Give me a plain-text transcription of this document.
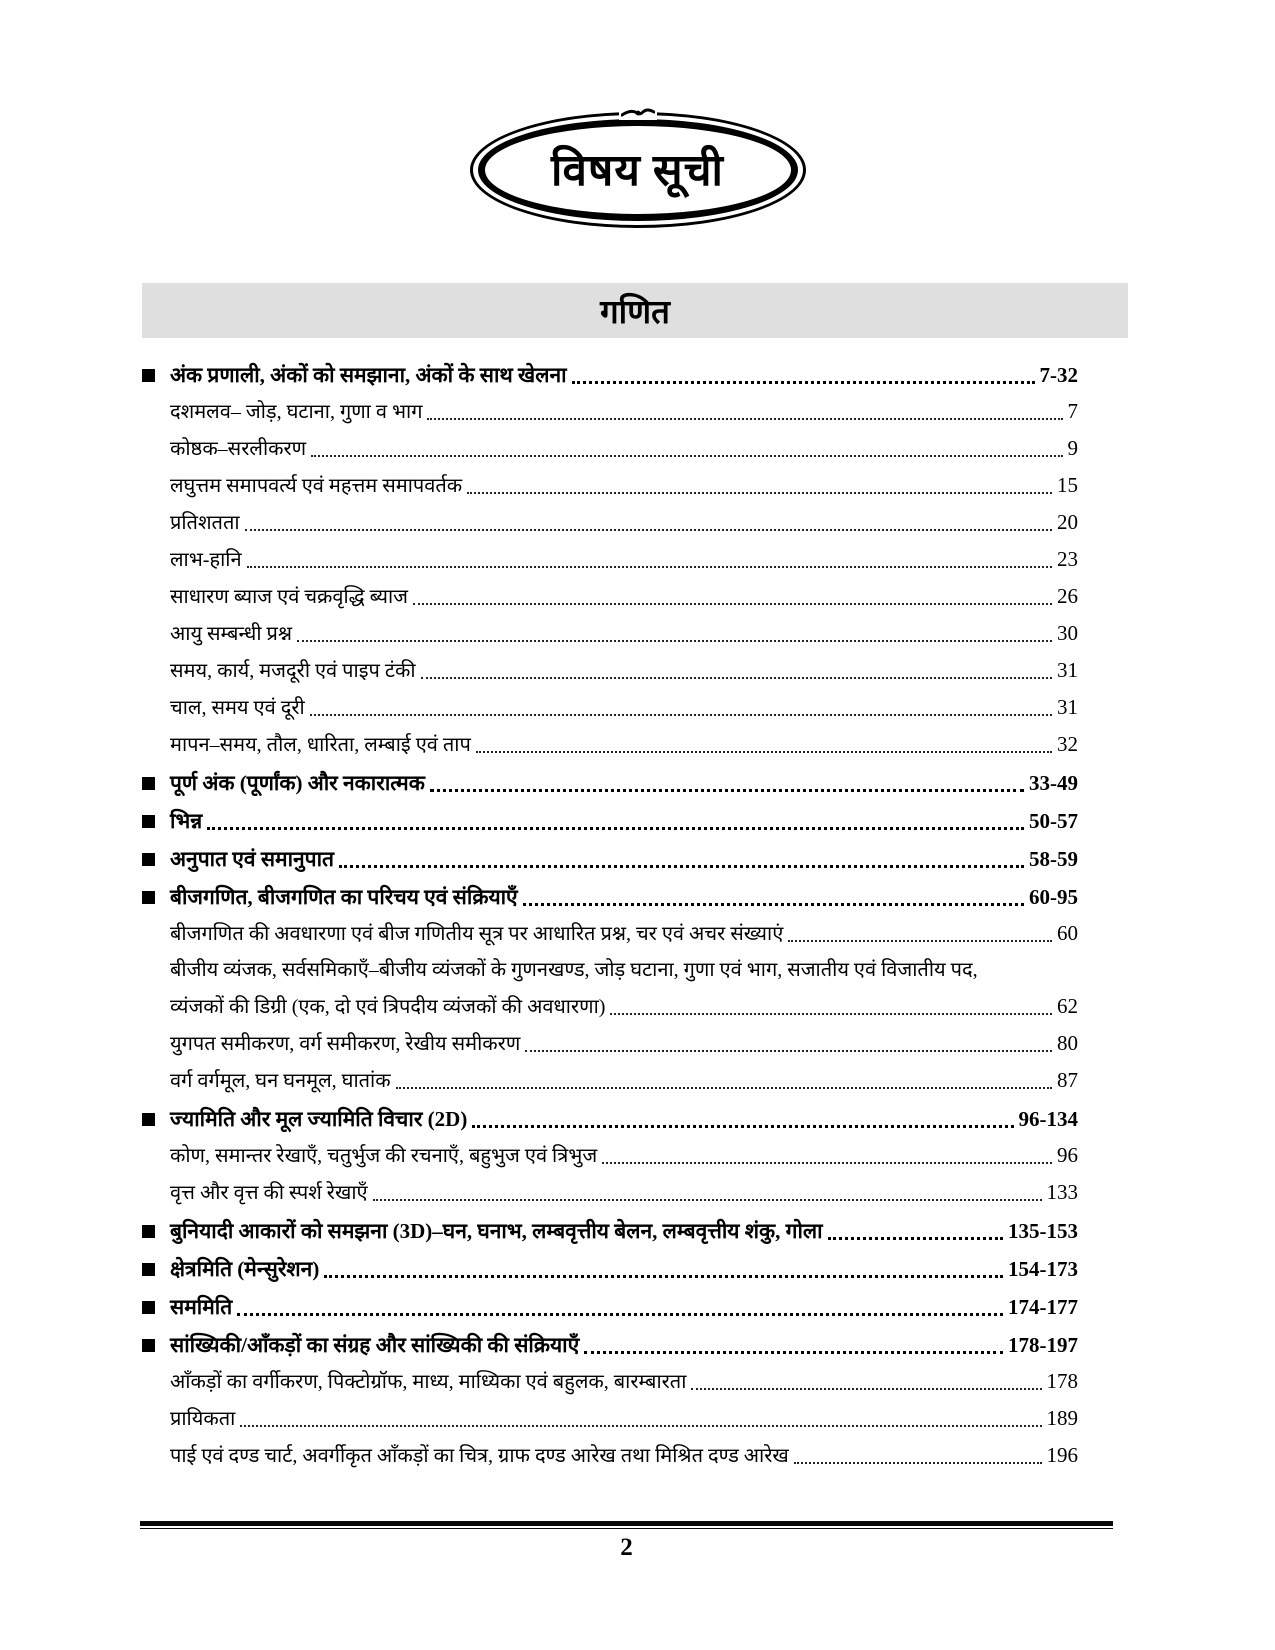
विषय सूची
गणित
अंक प्रणाली, अंकों को समझाना, अंकों के साथ खेलना	7-32
दशमलव– जोड़, घटाना, गुणा व भाग	7
कोष्ठक–सरलीकरण	9
लघुत्तम समापवर्त्य एवं महत्तम समापवर्तक	15
प्रतिशतता	20
लाभ-हानि	23
साधारण ब्याज एवं चक्रवृद्धि ब्याज	26
आयु सम्बन्धी प्रश्न	30
समय, कार्य, मजदूरी एवं पाइप टंकी	31
चाल, समय एवं दूरी	31
मापन–समय, तौल, धारिता, लम्बाई एवं ताप	32
पूर्ण अंक (पूर्णांक) और नकारात्मक	33-49
भिन्न	50-57
अनुपात एवं समानुपात	58-59
बीजगणित, बीजगणित का परिचय एवं संक्रियाएँ	60-95
बीजगणित की अवधारणा एवं बीज गणितीय सूत्र पर आधारित प्रश्न, चर एवं अचर संख्याएं	60
बीजीय व्यंजक, सर्वसमिकाएँ–बीजीय व्यंजकों के गुणनखण्ड, जोड़ घटाना, गुणा एवं भाग, सजातीय एवं विजातीय पद,
व्यंजकों की डिग्री (एक, दो एवं त्रिपदीय व्यंजकों की अवधारणा)	62
युगपत समीकरण, वर्ग समीकरण, रेखीय समीकरण	80
वर्ग वर्गमूल, घन घनमूल, घातांक	87
ज्यामिति और मूल ज्यामिति विचार (2D)	96-134
कोण, समान्तर रेखाएँ, चतुर्भुज की रचनाएँ, बहुभुज एवं त्रिभुज	96
वृत्त और वृत्त की स्पर्श रेखाएँ	133
बुनियादी आकारों को समझना (3D)–घन, घनाभ, लम्बवृत्तीय बेलन, लम्बवृत्तीय शंकु, गोला	135-153
क्षेत्रमिति (मेन्सुरेशन)	154-173
सममिति	174-177
सांख्यिकी/आँकड़ों का संग्रह और सांख्यिकी की संक्रियाएँ	178-197
आँकड़ों का वर्गीकरण, पिक्टोग्रॉफ, माध्य, माध्यिका एवं बहुलक, बारम्बारता	178
प्रायिकता	189
पाई एवं दण्ड चार्ट, अवर्गीकृत आँकड़ों का चित्र, ग्राफ दण्ड आरेख तथा मिश्रित दण्ड आरेख	196
2
